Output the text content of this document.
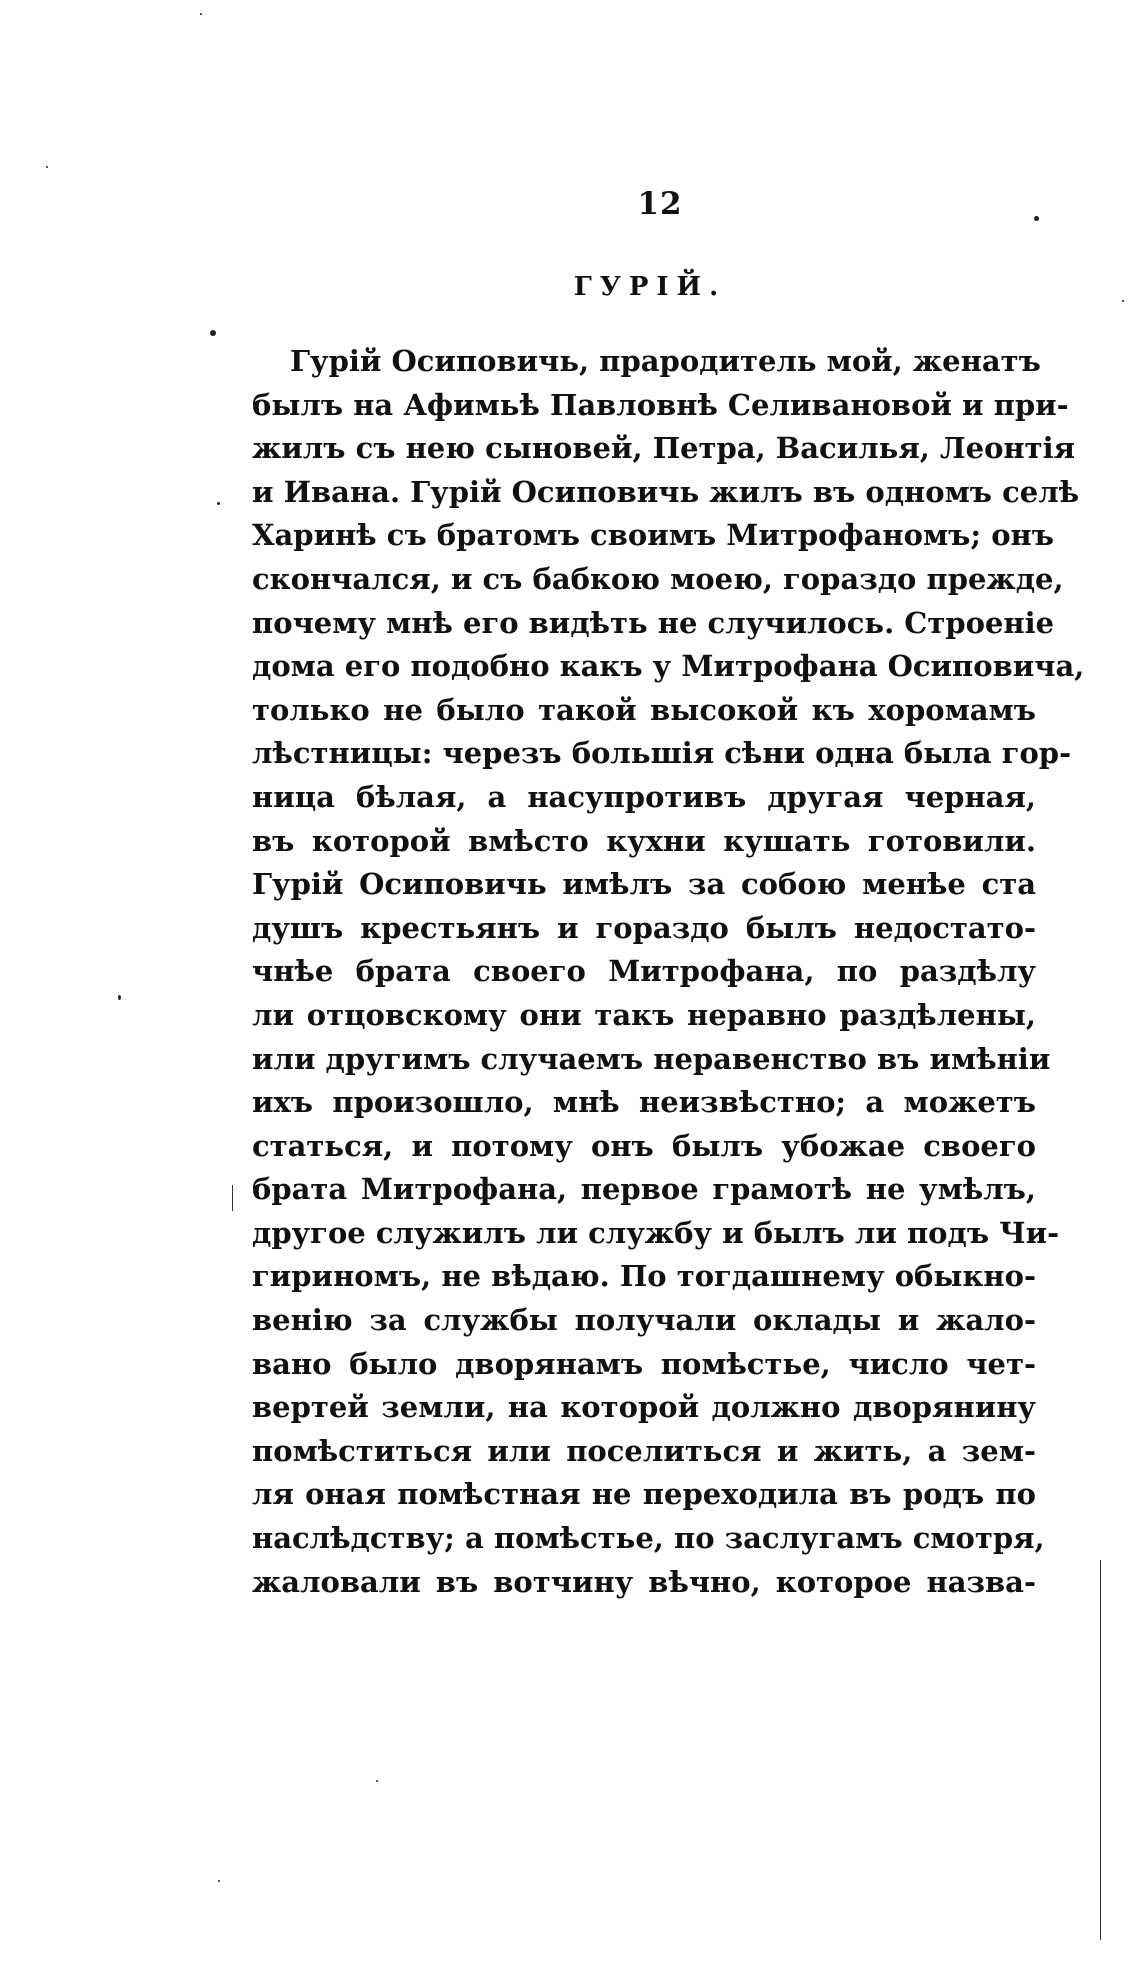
12
ГУРІЙ.
Гурій Осиповичь, прародитель мой, женатъ
былъ на Афимьѣ Павловнѣ Селивановой и при-
жилъ съ нею сыновей, Петра, Василья, Леонтія
и Ивана. Гурій Осиповичь жилъ въ одномъ селѣ
Харинѣ съ братомъ своимъ Митрофаномъ; онъ
скончался, и съ бабкою моею, гораздо прежде,
почему мнѣ его видѣть не случилось. Строеніе
дома его подобно какъ у Митрофана Осиповича,
только не было такой высокой къ хоромамъ
лѣстницы: черезъ большія сѣни одна была гор-
ница бѣлая, а насупротивъ другая черная,
въ которой вмѣсто кухни кушать готовили.
Гурій Осиповичь имѣлъ за собою менѣе ста
душъ крестьянъ и гораздо былъ недостато-
чнѣе брата своего Митрофана, по раздѣлу
ли отцовскому они такъ неравно раздѣлены,
или другимъ случаемъ неравенство въ имѣніи
ихъ произошло, мнѣ неизвѣстно; а можетъ
статься, и потому онъ былъ убожае своего
брата Митрофана, первое грамотѣ не умѣлъ,
другое служилъ ли службу и былъ ли подъ Чи-
гириномъ, не вѣдаю. По тогдашнему обыкно-
венію за службы получали оклады и жало-
вано было дворянамъ помѣстье, число чет-
вертей земли, на которой должно дворянину
помѣститься или поселиться и жить, а зем-
ля оная помѣстная не переходила въ родъ по
наслѣдству; а помѣстье, по заслугамъ смотря,
жаловали въ вотчину вѣчно, которое назва-
